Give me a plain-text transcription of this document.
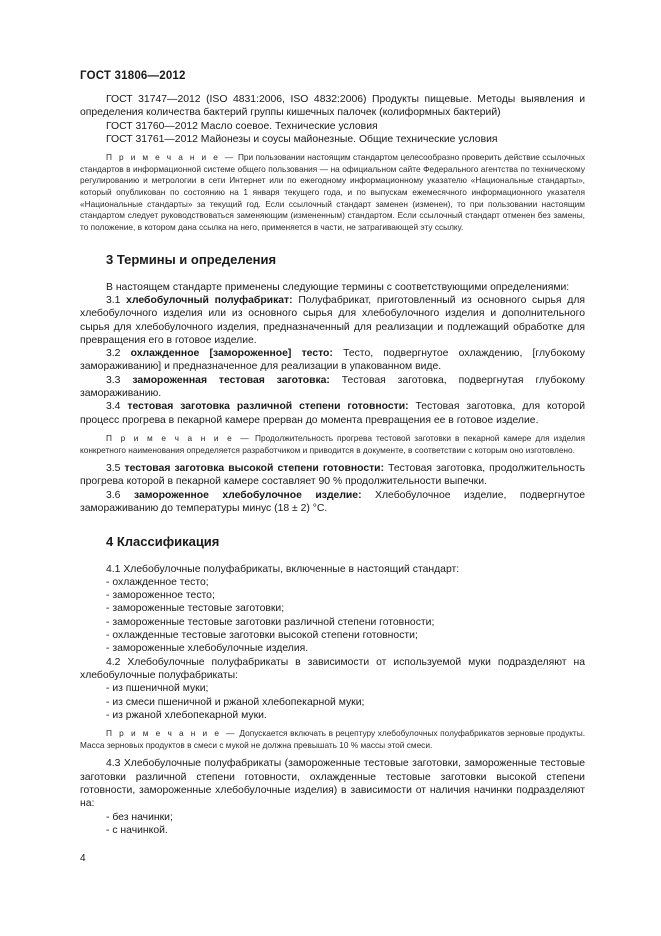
ГОСТ 31806—2012

ГОСТ 31747—2012 (ISO 4831:2006, ISO 4832:2006) Продукты пищевые. Методы выявления и определения количества бактерий группы кишечных палочек (колиформных бактерий)

ГОСТ 31760—2012 Масло соевое. Технические условия

ГОСТ 31761—2012 Майонезы и соусы майонезные. Общие технические условия

П р и м е ч а н и е — При пользовании настоящим стандартом целесообразно проверить действие ссылочных стандартов в информационной системе общего пользования — на официальном сайте Федерального агентства по техническому регулированию и метрологии в сети Интернет или по ежегодному информационному указателю «Национальные стандарты», который опубликован по состоянию на 1 января текущего года, и по выпускам ежемесячного информационного указателя «Национальные стандарты» за текущий год. Если ссылочный стандарт заменен (изменен), то при пользовании настоящим стандартом следует руководствоваться заменяющим (измененным) стандартом. Если ссылочный стандарт отменен без замены, то положение, в котором дана ссылка на него, применяется в части, не затрагивающей эту ссылку.

3 Термины и определения

В настоящем стандарте применены следующие термины с соответствующими определениями:

3.1 хлебобулочный полуфабрикат: Полуфабрикат, приготовленный из основного сырья для хлебобулочного изделия или из основного сырья для хлебобулочного изделия и дополнительного сырья для хлебобулочного изделия, предназначенный для реализации и подлежащий обработке для превращения его в готовое изделие.

3.2 охлажденное [замороженное] тесто: Тесто, подвергнутое охлаждению, [глубокому замораживанию] и предназначенное для реализации в упакованном виде.

3.3 замороженная тестовая заготовка: Тестовая заготовка, подвергнутая глубокому замораживанию.

3.4 тестовая заготовка различной степени готовности: Тестовая заготовка, для которой процесс прогрева в пекарной камере прерван до момента превращения ее в готовое изделие.

П р и м е ч а н и е — Продолжительность прогрева тестовой заготовки в пекарной камере для изделия конкретного наименования определяется разработчиком и приводится в документе, в соответствии с которым оно изготовлено.

3.5 тестовая заготовка высокой степени готовности: Тестовая заготовка, продолжительность прогрева которой в пекарной камере составляет 90 % продолжительности выпечки.

3.6 замороженное хлебобулочное изделие: Хлебобулочное изделие, подвергнутое замораживанию до температуры минус (18 ± 2) °С.

4 Классификация

4.1 Хлебобулочные полуфабрикаты, включенные в настоящий стандарт:

- охлажденное тесто;

- замороженное тесто;

- замороженные тестовые заготовки;

- замороженные тестовые заготовки различной степени готовности;

- охлажденные тестовые заготовки высокой степени готовности;

- замороженные хлебобулочные изделия.

4.2 Хлебобулочные полуфабрикаты в зависимости от используемой муки подразделяют на хлебобулочные полуфабрикаты:

- из пшеничной муки;

- из смеси пшеничной и ржаной хлебопекарной муки;

- из ржаной хлебопекарной муки.

П р и м е ч а н и е — Допускается включать в рецептуру хлебобулочных полуфабрикатов зерновые продукты. Масса зерновых продуктов в смеси с мукой не должна превышать 10 % массы этой смеси.

4.3 Хлебобулочные полуфабрикаты (замороженные тестовые заготовки, замороженные тестовые заготовки различной степени готовности, охлажденные тестовые заготовки высокой степени готовности, замороженные хлебобулочные изделия) в зависимости от наличия начинки подразделяют на:

- без начинки;

- с начинкой.

4
